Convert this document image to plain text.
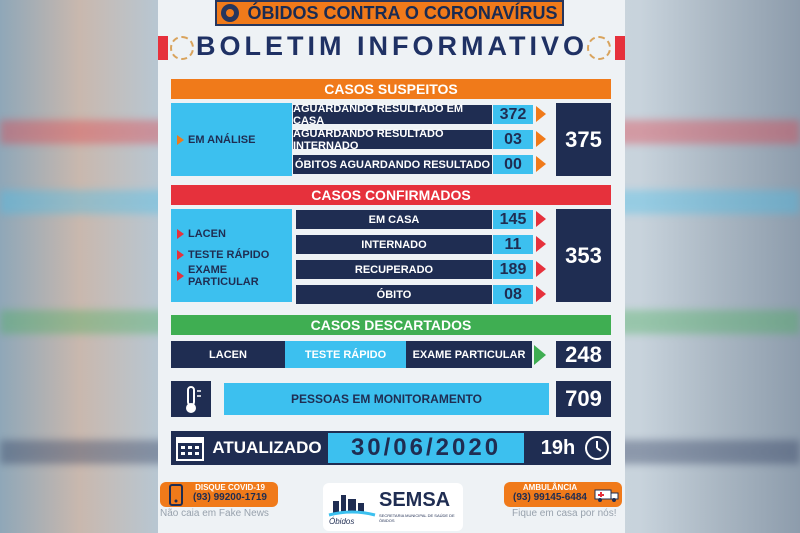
ÓBIDOS CONTRA O CORONAVÍRUS
BOLETIM INFORMATIVO
CASOS SUSPEITOS
EM ANÁLISE
AGUARDANDO RESULTADO EM CASA	372
AGUARDANDO RESULTADO INTERNADO	03
ÓBITOS AGUARDANDO RESULTADO 00
375
CASOS CONFIRMADOS
LACEN
TESTE RÁPIDO
EXAME PARTICULAR
EM CASA	145
INTERNADO	11
RECUPERADO	189
ÓBITO	08
353
CASOS DESCARTADOS
LACEN	TESTE RÁPIDO	EXAME PARTICULAR	248
PESSOAS EM MONITORAMENTO	709
ATUALIZADO	30/06/2020	19h
DISQUE COVID-19
(93) 99200-1719
Não caia em Fake News
Óbidos
SEMSA
SECRETARIA MUNICIPAL DE SAÚDE DE ÓBIDOS
AMBULÂNCIA
(93) 99145-6484
Fique em casa por nós!
